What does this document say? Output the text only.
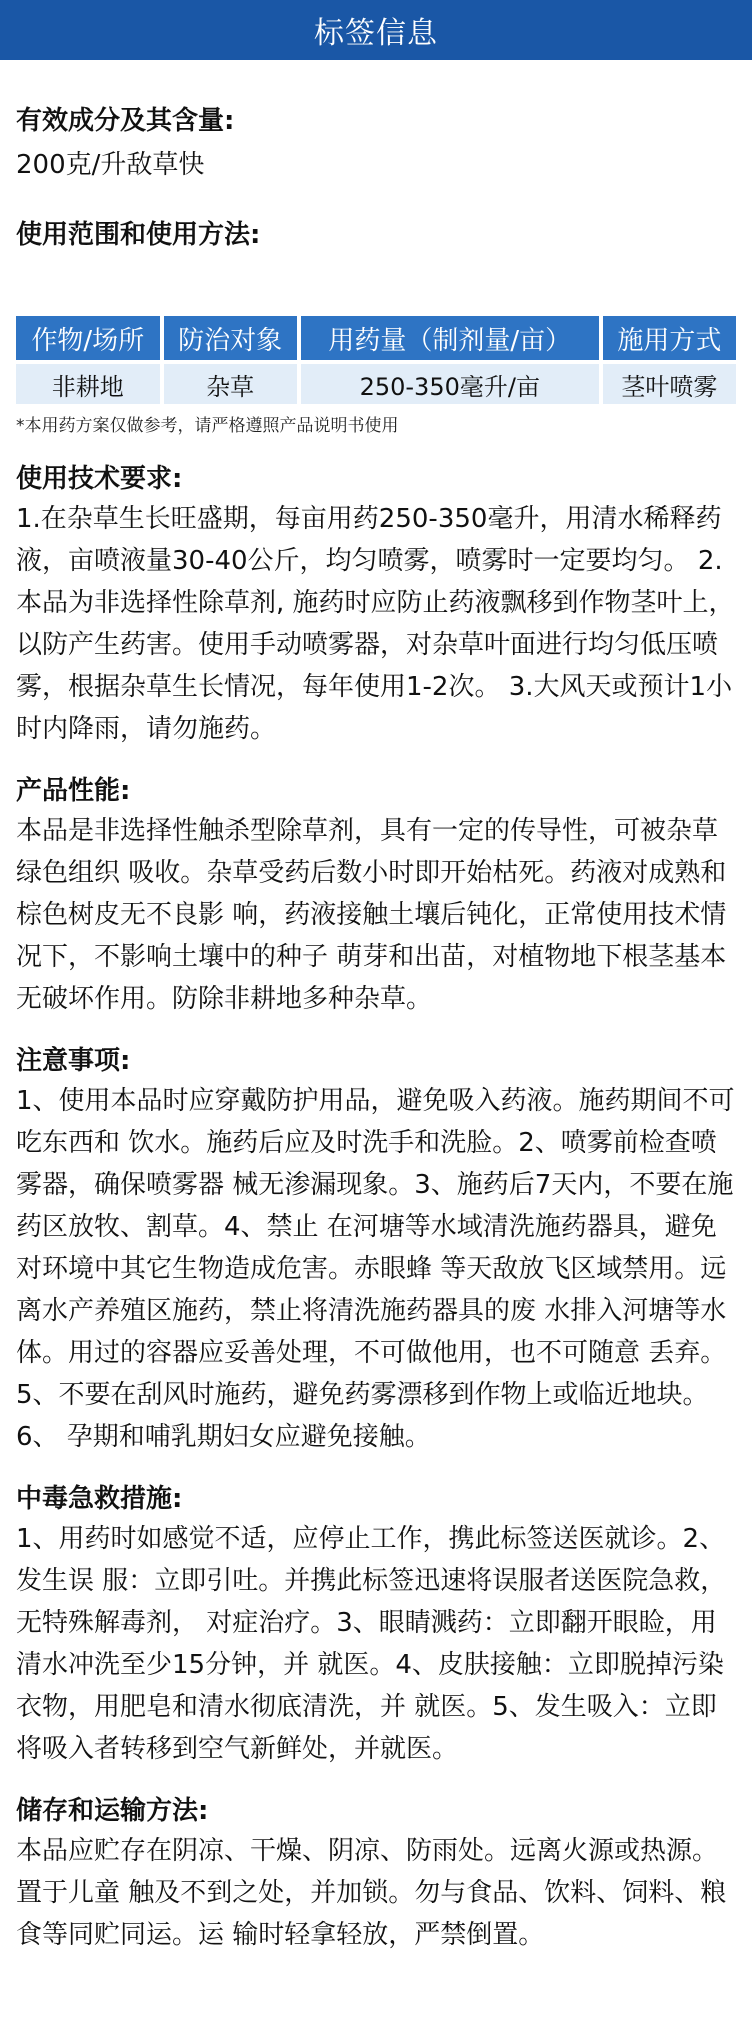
标签信息
有效成分及其含量:
200克/升敌草快
使用范围和使用方法:
作物/场所	防治对象	用药量（制剂量/亩）	施用方式
非耕地	杂草	250-350毫升/亩	茎叶喷雾
*本用药方案仅做参考，请严格遵照产品说明书使用
使用技术要求:
1.在杂草生长旺盛期，每亩用药250-350毫升，用清水稀释药液，亩喷液量30-40公斤，均匀喷雾，喷雾时一定要均匀。 2.本品为非选择性除草剂, 施药时应防止药液飘移到作物茎叶上，以防产生药害。使用手动喷雾器，对杂草叶面进行均匀低压喷雾，根据杂草生长情况，每年使用1-2次。 3.大风天或预计1小时内降雨，请勿施药。
产品性能:
本品是非选择性触杀型除草剂，具有一定的传导性，可被杂草绿色组织 吸收。杂草受药后数小时即开始枯死。药液对成熟和棕色树皮无不良影 响，药液接触土壤后钝化，正常使用技术情况下，不影响土壤中的种子 萌芽和出苗，对植物地下根茎基本无破坏作用。防除非耕地多种杂草。
注意事项:
1、使用本品时应穿戴防护用品，避免吸入药液。施药期间不可吃东西和 饮水。施药后应及时洗手和洗脸。2、喷雾前检查喷雾器，确保喷雾器 械无渗漏现象。3、施药后7天内，不要在施药区放牧、割草。4、禁止 在河塘等水域清洗施药器具，避免对环境中其它生物造成危害。赤眼蜂 等天敌放飞区域禁用。远离水产养殖区施药，禁止将清洗施药器具的废 水排入河塘等水体。用过的容器应妥善处理，不可做他用，也不可随意 丢弃。5、不要在刮风时施药，避免药雾漂移到作物上或临近地块。6、 孕期和哺乳期妇女应避免接触。
中毒急救措施:
1、用药时如感觉不适，应停止工作，携此标签送医就诊。2、发生误 服：立即引吐。并携此标签迅速将误服者送医院急救，无特殊解毒剂， 对症治疗。3、眼睛溅药：立即翻开眼睑，用清水冲洗至少15分钟，并 就医。4、皮肤接触：立即脱掉污染衣物，用肥皂和清水彻底清洗，并 就医。5、发生吸入：立即将吸入者转移到空气新鲜处，并就医。
储存和运输方法:
本品应贮存在阴凉、干燥、阴凉、防雨处。远离火源或热源。置于儿童 触及不到之处，并加锁。勿与食品、饮料、饲料、粮食等同贮同运。运 输时轻拿轻放，严禁倒置。
